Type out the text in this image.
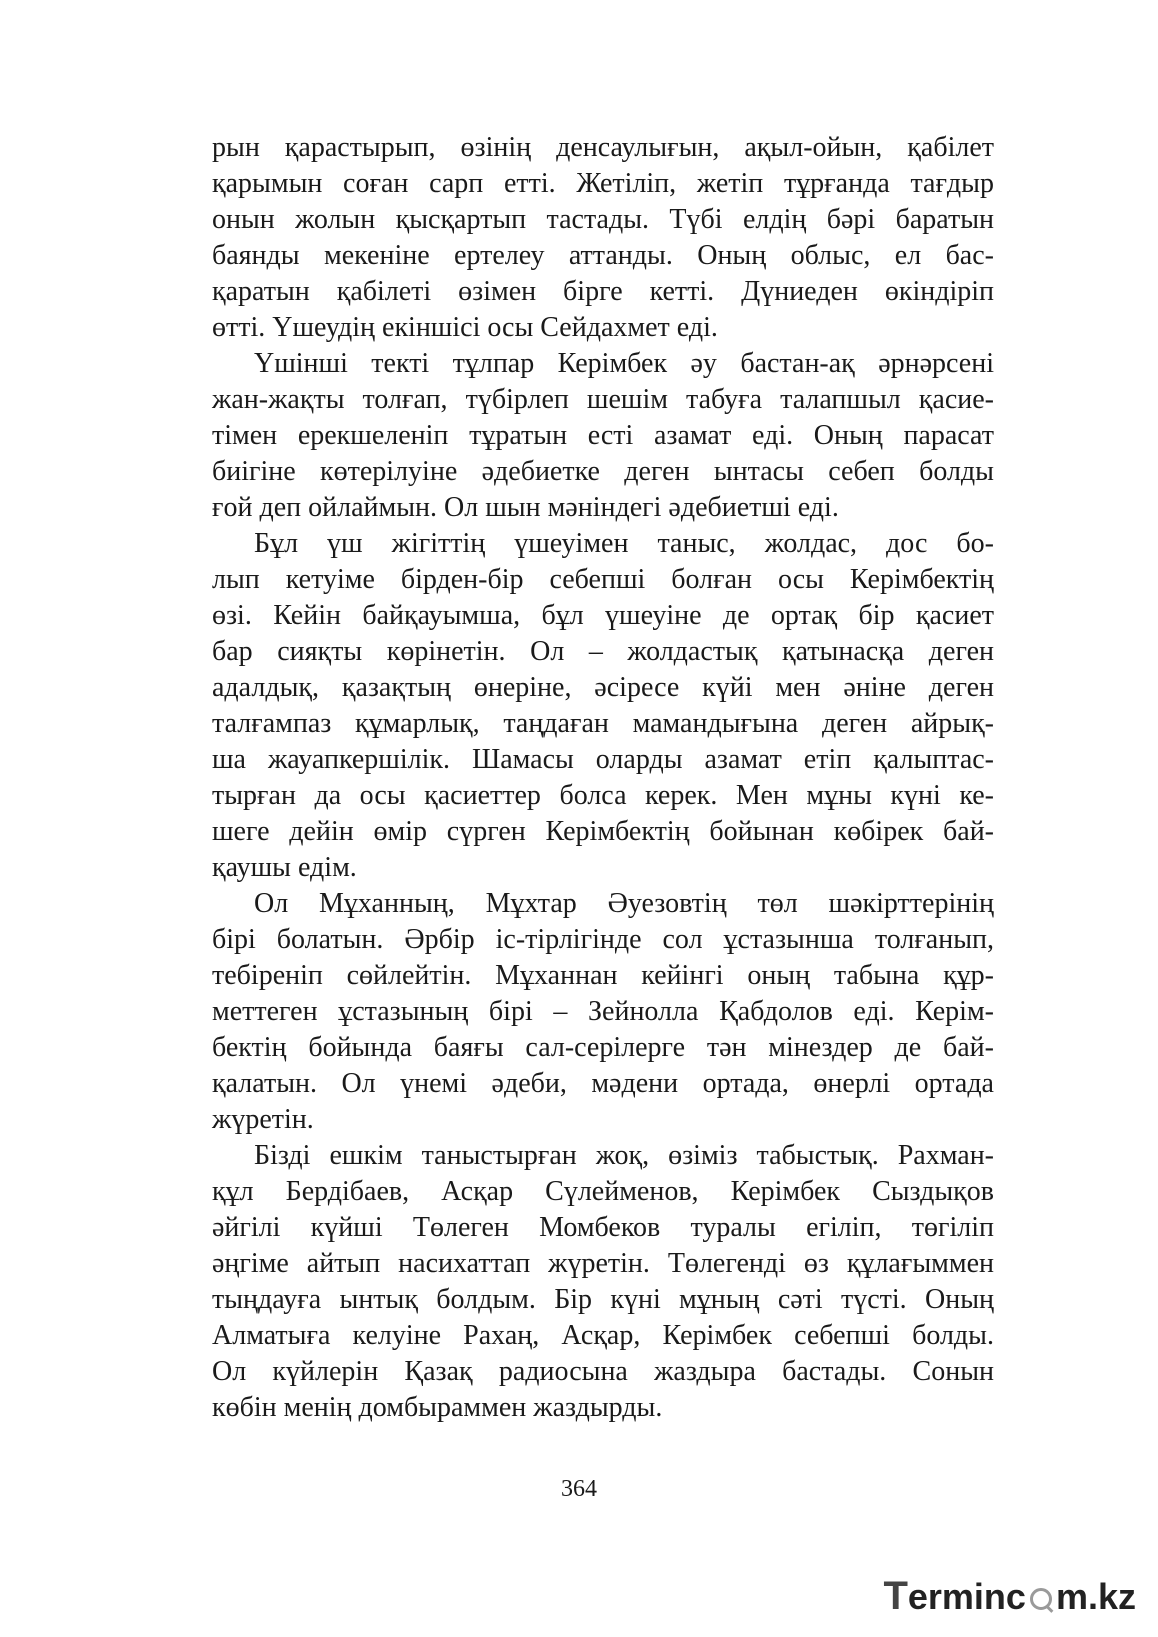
рын қарастырып, өзінің денсаулығын, ақыл-ойын, қабілет
қарымын соған сарп етті. Жетіліп, жетіп тұрғанда тағдыр
онын жолын қысқартып тастады. Түбі елдің бәрі баратын
баянды мекеніне ертелеу аттанды. Оның облыс, ел бас-
қаратын қабілеті өзімен бірге кетті. Дүниеден өкіндіріп
өтті. Үшеудің екіншісі осы Сейдахмет еді.
Үшінші текті тұлпар Керімбек әу бастан-ақ әрнәрсені
жан-жақты толғап, түбірлеп шешім табуға талапшыл қасие-
тімен ерекшеленіп тұратын есті азамат еді. Оның парасат
биігіне көтерілуіне әдебиетке деген ынтасы себеп болды
ғой деп ойлаймын. Ол шын мәніндегі әдебиетші еді.
Бұл үш жігіттің үшеуімен таныс, жолдас, дос бо-
лып кетуіме бірден-бір себепші болған осы Керімбектің
өзі. Кейін байқауымша, бұл үшеуіне де ортақ бір қасиет
бар сияқты көрінетін. Ол – жолдастық қатынасқа деген
адалдық, қазақтың өнеріне, әсіресе күйі мен әніне деген
талғампаз құмарлық, таңдаған мамандығына деген айрық-
ша жауапкершілік. Шамасы оларды азамат етіп қалыптас-
тырған да осы қасиеттер болса керек. Мен мұны күні ке-
шеге дейін өмір сүрген Керімбектің бойынан көбірек бай-
қаушы едім.
Ол Мұханның, Мұхтар Әуезовтің төл шәкірттерінің
бірі болатын. Әрбір іс-тірлігінде сол ұстазынша толғанып,
тебіреніп сөйлейтін. Мұханнан кейінгі оның табына құр-
меттеген ұстазының бірі – Зейнолла Қабдолов еді. Керім-
бектің бойында баяғы сал-серілерге тән мінездер де бай-
қалатын. Ол үнемі әдеби, мәдени ортада, өнерлі ортада
жүретін.
Бізді ешкім таныстырған жоқ, өзіміз табыстық. Рахман-
құл Бердібаев, Асқар Сүлейменов, Керімбек Сыздықов
әйгілі күйші Төлеген Момбеков туралы егіліп, төгіліп
әңгіме айтып насихаттап жүретін. Төлегенді өз құлағыммен
тыңдауға ынтық болдым. Бір күні мұның сәті түсті. Оның
Алматыға келуіне Рахаң, Асқар, Керімбек себепші болды.
Ол күйлерін Қазақ радиосына жаздыра бастады. Сонын
көбін менің домбыраммен жаздырды.
364
T erminc m.kz
